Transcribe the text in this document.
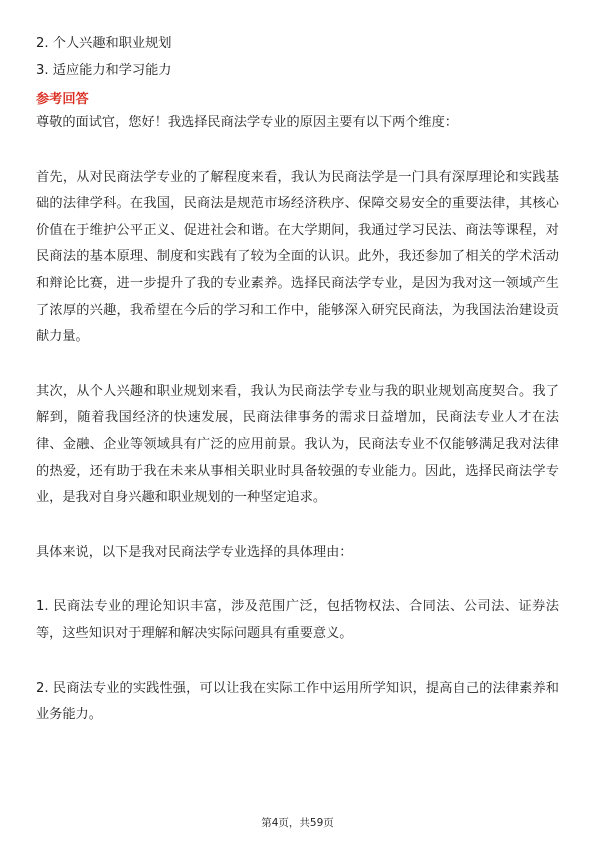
2. 个人兴趣和职业规划

3. 适应能力和学习能力

参考回答

尊敬的面试官，您好！我选择民商法学专业的原因主要有以下两个维度：

首先，从对民商法学专业的了解程度来看，我认为民商法学是一门具有深厚理论和实践基础的法律学科。在我国，民商法是规范市场经济秩序、保障交易安全的重要法律，其核心价值在于维护公平正义、促进社会和谐。在大学期间，我通过学习民法、商法等课程，对民商法的基本原理、制度和实践有了较为全面的认识。此外，我还参加了相关的学术活动和辩论比赛，进一步提升了我的专业素养。选择民商法学专业，是因为我对这一领域产生了浓厚的兴趣，我希望在今后的学习和工作中，能够深入研究民商法，为我国法治建设贡献力量。

其次，从个人兴趣和职业规划来看，我认为民商法学专业与我的职业规划高度契合。我了解到，随着我国经济的快速发展，民商法律事务的需求日益增加，民商法专业人才在法律、金融、企业等领域具有广泛的应用前景。我认为，民商法专业不仅能够满足我对法律的热爱，还有助于我在未来从事相关职业时具备较强的专业能力。因此，选择民商法学专业，是我对自身兴趣和职业规划的一种坚定追求。

具体来说，以下是我对民商法学专业选择的具体理由：

1. 民商法专业的理论知识丰富，涉及范围广泛，包括物权法、合同法、公司法、证券法等，这些知识对于理解和解决实际问题具有重要意义。

2. 民商法专业的实践性强，可以让我在实际工作中运用所学知识，提高自己的法律素养和业务能力。

第4页，共59页
